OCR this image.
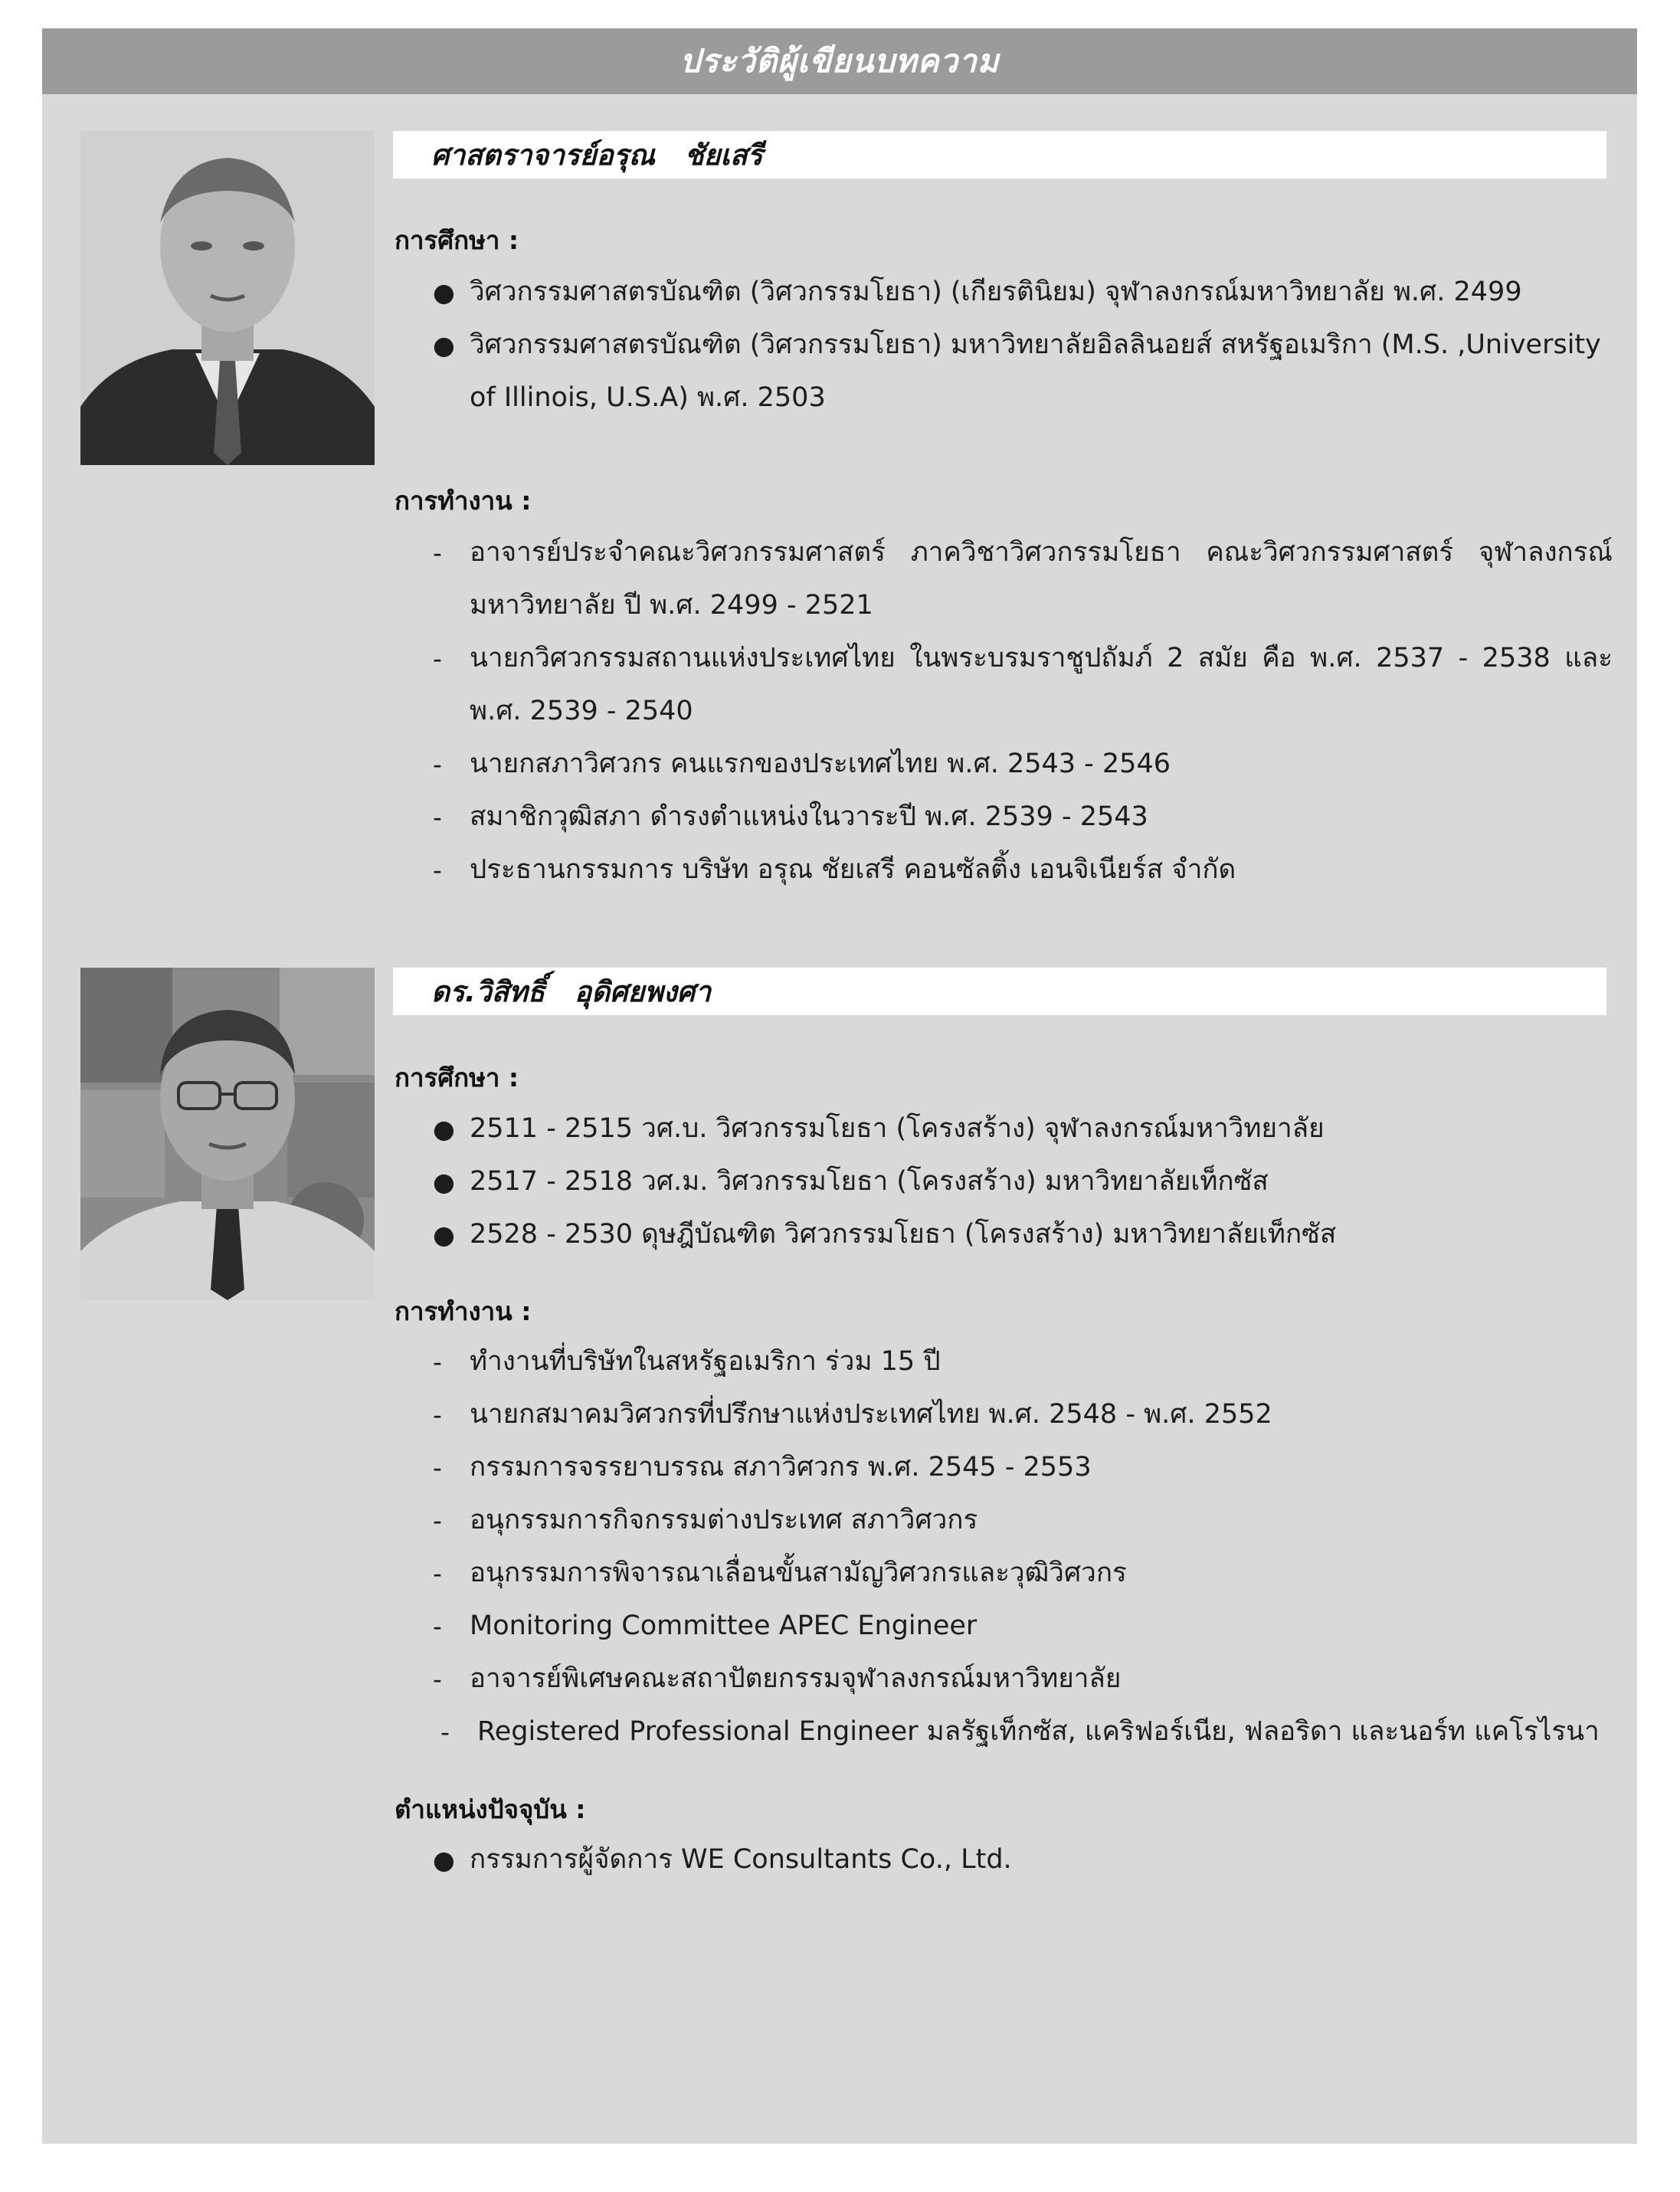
ประวัติผู้เขียนบทความ
ศาสตราจารย์อรุณ   ชัยเสรี
การศึกษา :
● วิศวกรรมศาสตรบัณฑิต (วิศวกรรมโยธา) (เกียรตินิยม) จุฬาลงกรณ์มหาวิทยาลัย พ.ศ. 2499
● วิศวกรรมศาสตรบัณฑิต (วิศวกรรมโยธา) มหาวิทยาลัยอิลลินอยส์ สหรัฐอเมริกา (M.S. ,University of Illinois, U.S.A) พ.ศ. 2503
การทำงาน :
-	อาจารย์ประจำคณะวิศวกรรมศาสตร์ ภาควิชาวิศวกรรมโยธา คณะวิศวกรรมศาสตร์ จุฬาลงกรณ์มหาวิทยาลัย ปี พ.ศ. 2499 - 2521
-	นายกวิศวกรรมสถานแห่งประเทศไทย ในพระบรมราชูปถัมภ์ 2 สมัย คือ พ.ศ. 2537 - 2538 และ พ.ศ. 2539 - 2540
-	นายกสภาวิศวกร คนแรกของประเทศไทย พ.ศ. 2543 - 2546
-	สมาชิกวุฒิสภา ดำรงตำแหน่งในวาระปี พ.ศ. 2539 - 2543
-	ประธานกรรมการ บริษัท อรุณ ชัยเสรี คอนซัลติ้ง เอนจิเนียร์ส จำกัด
ดร.วิสิทธิ์   อุดิศยพงศา
การศึกษา :
● 2511 - 2515 วศ.บ. วิศวกรรมโยธา (โครงสร้าง) จุฬาลงกรณ์มหาวิทยาลัย
● 2517 - 2518 วศ.ม. วิศวกรรมโยธา (โครงสร้าง) มหาวิทยาลัยเท็กซัส
● 2528 - 2530 ดุษฎีบัณฑิต วิศวกรรมโยธา (โครงสร้าง) มหาวิทยาลัยเท็กซัส
การทำงาน :
-	ทำงานที่บริษัทในสหรัฐอเมริกา ร่วม 15 ปี
-	นายกสมาคมวิศวกรที่ปรึกษาแห่งประเทศไทย พ.ศ. 2548 - พ.ศ. 2552
-	กรรมการจรรยาบรรณ สภาวิศวกร พ.ศ. 2545 - 2553
-	อนุกรรมการกิจกรรมต่างประเทศ สภาวิศวกร
-	อนุกรรมการพิจารณาเลื่อนขั้นสามัญวิศวกรและวุฒิวิศวกร
-	Monitoring Committee APEC Engineer
-	อาจารย์พิเศษคณะสถาปัตยกรรมจุฬาลงกรณ์มหาวิทยาลัย
-	Registered Professional Engineer มลรัฐเท็กซัส, แคริฟอร์เนีย, ฟลอริดา และนอร์ท แคโรไรนา
ตำแหน่งปัจจุบัน :
● กรรมการผู้จัดการ WE Consultants Co., Ltd.
